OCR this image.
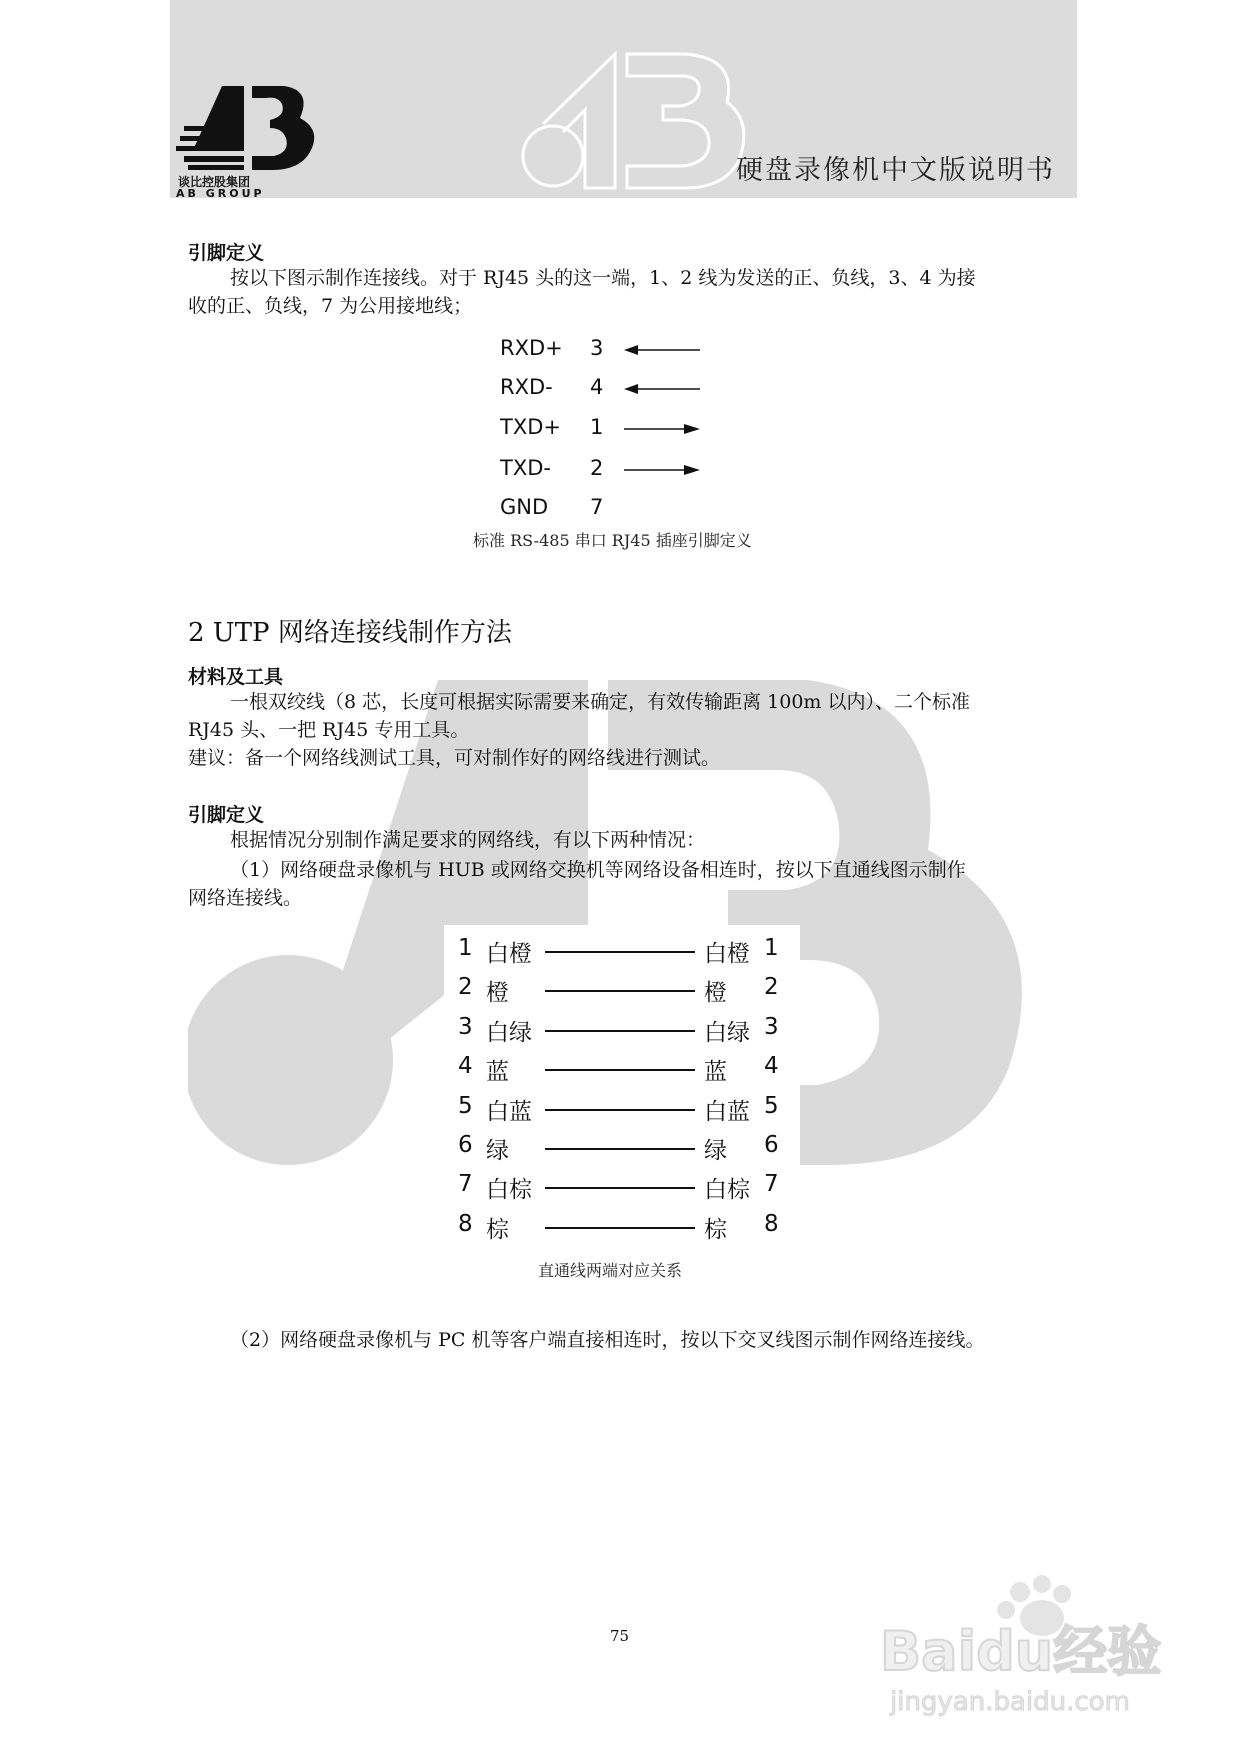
谈比控股集团
AB GROUP
硬盘录像机中文版说明书
引脚定义
按以下图示制作连接线。对于 RJ45 头的这一端，1、2 线为发送的正、负线，3、4 为接
收的正、负线，7 为公用接地线；
RXD+	3
RXD-	4
TXD+	1
TXD-	2
GND	7
标准 RS-485 串口 RJ45 插座引脚定义
2 UTP 网络连接线制作方法
材料及工具
一根双绞线（8 芯，长度可根据实际需要来确定，有效传输距离 100m 以内）、二个标准
RJ45 头、一把 RJ45 专用工具。
建议：备一个网络线测试工具，可对制作好的网络线进行测试。
引脚定义
根据情况分别制作满足要求的网络线，有以下两种情况：
（1）网络硬盘录像机与 HUB 或网络交换机等网络设备相连时，按以下直通线图示制作
网络连接线。
1 白橙	白橙 1
2 橙	橙 2
3 白绿	白绿 3
4 蓝	蓝 4
5 白蓝	白蓝 5
6 绿	绿 6
7 白棕	白棕 7
8 棕	棕 8
直通线两端对应关系
（2）网络硬盘录像机与 PC 机等客户端直接相连时，按以下交叉线图示制作网络连接线。
75	Baidu经验
jingyan.baidu.com
